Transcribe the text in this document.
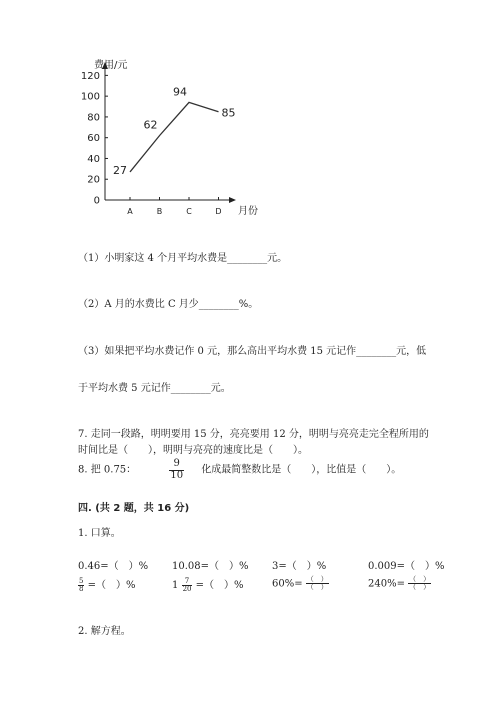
0
20
40
60
80
100
120
A	B	C	D
费用/元
月份
27
62
94
85
（1）小明家这 4 个月平均水费是________元。
（2）A 月的水费比 C 月少________%。
（3）如果把平均水费记作 0 元，那么高出平均水费 15 元记作________元，低
于平均水费 5 元记作________元。
7. 走同一段路，明明要用 15 分，亮亮要用 12 分，明明与亮亮走完全程所用的
时间比是（　　），明明与亮亮的速度比是（　　）。
8. 把 0.75：	$\frac{9}{10}$ 化成最简整数比是（　　），比值是（　　）。
四. (共 2 题，共 16 分)
1. 口算。
0.46=（　）% 10.08=（　）% 3=（　）%	0.009=（　）%
$\frac{5}{8}$ =（　）%	$1 \frac{7}{20}$ =（　）%	$60\%= \frac{( )}{( )}$	$240\%= \frac{( )}{( )}$
2. 解方程。
